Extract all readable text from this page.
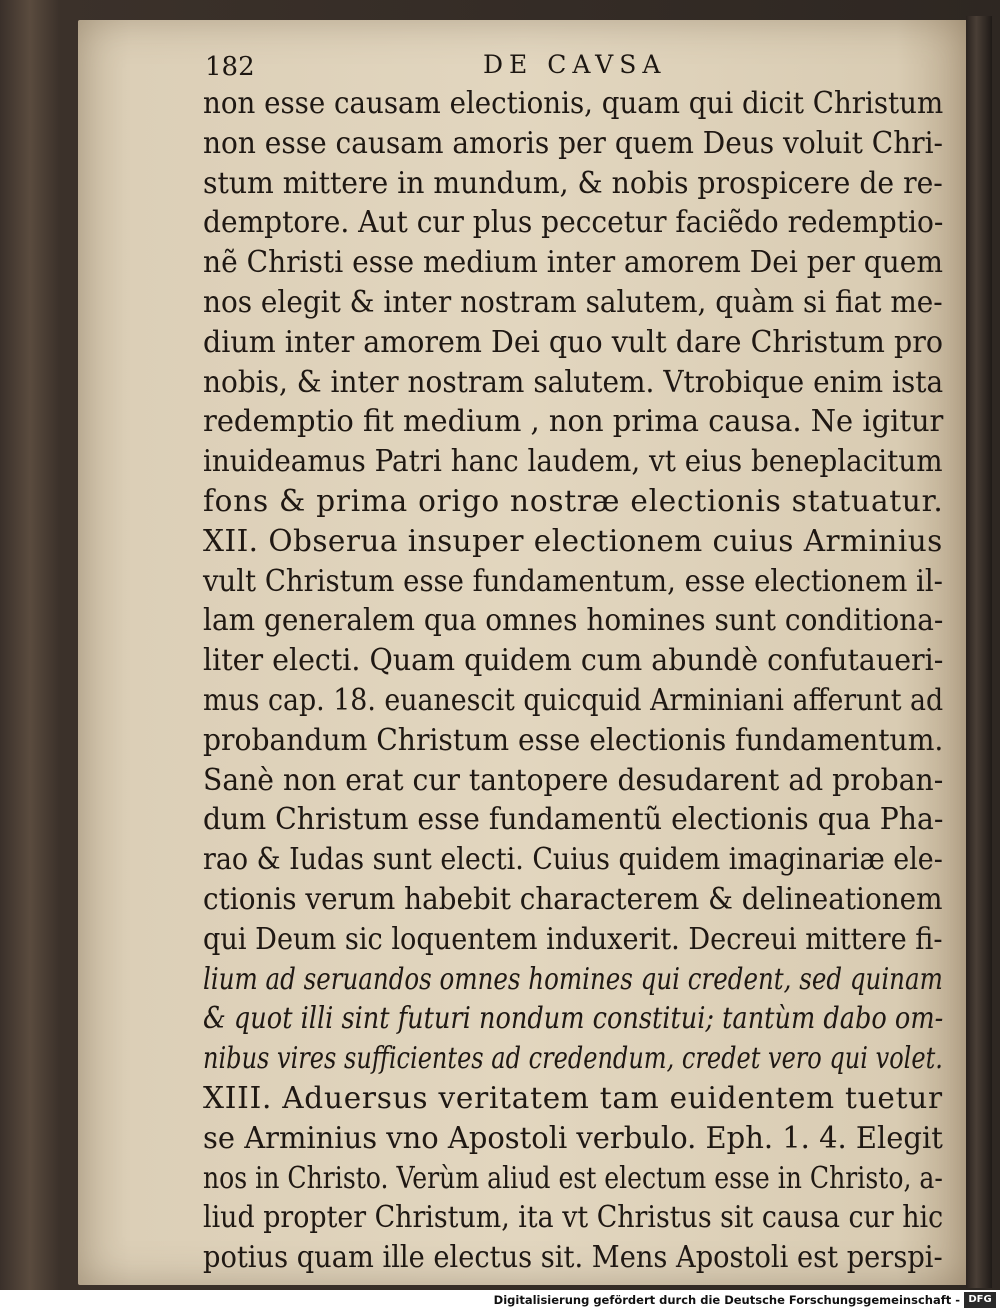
182	DE CAVSA
non esse causam electionis, quam qui dicit Christum
non esse causam amoris per quem Deus voluit Chri-
stum mittere in mundum, & nobis prospicere de re-
demptore. Aut cur plus peccetur faciẽdo redemptio-
nẽ Christi esse medium inter amorem Dei per quem
nos elegit & inter nostram salutem, quàm si fiat me-
dium inter amorem Dei quo vult dare Christum pro
nobis, & inter nostram salutem. Vtrobique enim ista
redemptio fit medium , non prima causa. Ne igitur
inuideamus Patri hanc laudem, vt eius beneplacitum
fons & prima origo nostræ electionis statuatur.
XII. Obserua insuper electionem cuius Arminius
vult Christum esse fundamentum, esse electionem il-
lam generalem qua omnes homines sunt conditiona-
liter electi. Quam quidem cum abundè confutaueri-
mus cap. 18. euanescit quicquid Arminiani afferunt ad
probandum Christum esse electionis fundamentum.
Sanè non erat cur tantopere desudarent ad proban-
dum Christum esse fundamentũ electionis qua Pha-
rao & Iudas sunt electi. Cuius quidem imaginariæ ele-
ctionis verum habebit characterem & delineationem
qui Deum sic loquentem induxerit. Decreui mittere fi-
lium ad seruandos omnes homines qui credent, sed quinam
& quot illi sint futuri nondum constitui; tantùm dabo om-
nibus vires sufficientes ad credendum, credet vero qui volet.
XIII. Aduersus veritatem tam euidentem tuetur
se Arminius vno Apostoli verbulo. Eph. 1. 4. Elegit
nos in Christo. Verùm aliud est electum esse in Christo, a-
liud propter Christum, ita vt Christus sit causa cur hic
potius quam ille electus sit. Mens Apostoli est perspi-
Digitalisierung gefördert durch die Deutsche Forschungsgemeinschaft - DFG
